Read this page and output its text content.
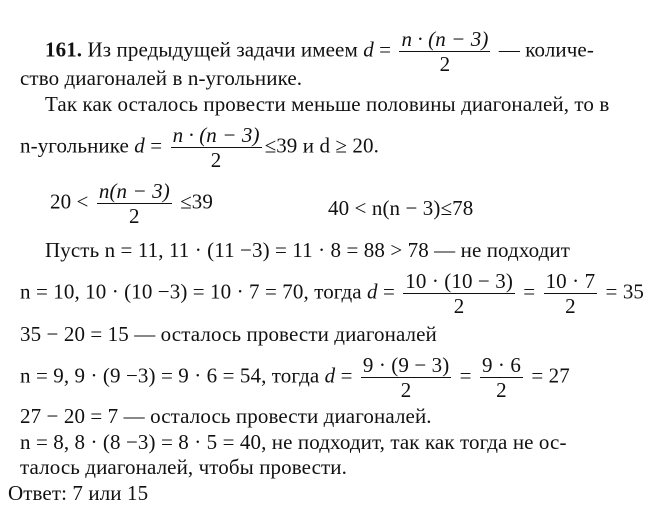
161. Из предыдущей задачи имеем $d = \frac{n \cdot (n - 3)}{2}$ — количе-
ство диагоналей в n-угольнике.
Так как осталось провести меньше половины диагоналей, то в
n-угольнике $d = \frac{n \cdot (n - 3)}{2} \le 39$ и d ≥ 20.
$20 < \frac{n(n - 3)}{2} \le 39$	40 < n(n − 3)≤78
Пусть n = 11, 11 · (11 −3) = 11 · 8 = 88 > 78 — не подходит
n = 10, 10 · (10 −3) = 10 · 7 = 70, тогда $d = \frac{10 \cdot (10 - 3)}{2} = \frac{10 \cdot 7}{2} = 35$
35 − 20 = 15 — осталось провести диагоналей
n = 9, 9 · (9 −3) = 9 · 6 = 54, тогда $d = \frac{9 \cdot (9 - 3)}{2} = \frac{9 \cdot 6}{2} = 27$
27 − 20 = 7 — осталось провести диагоналей.
n = 8, 8 · (8 −3) = 8 · 5 = 40, не подходит, так как тогда не ос-
талось диагоналей, чтобы провести.
Ответ: 7 или 15
